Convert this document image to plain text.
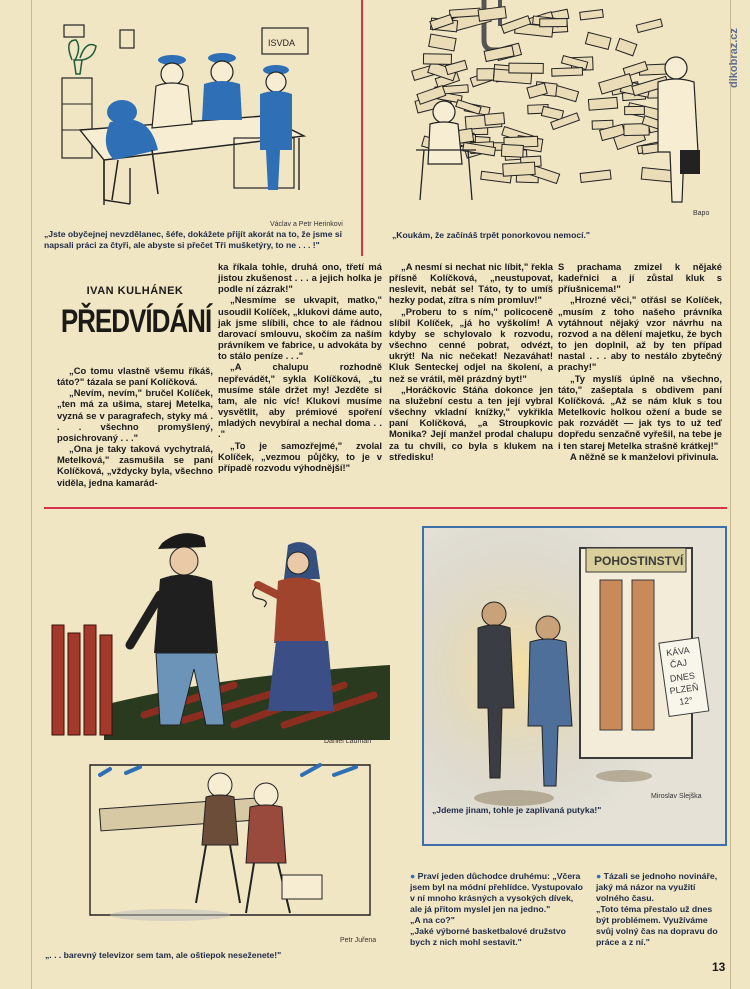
dikobraz.cz
ISVDA
Václav a Petr Herinkovi
„Jste obyčejnej nevzdělanec, šéfe, dokážete přijít akorát na to, že jsme si napsali práci za čtyři, ale abyste si přečet Tři mušketýry, to ne . . . !"
Bapo
„Koukám, že začínáš trpět ponorkovou nemocí."
IVAN KULHÁNEK
PŘEDVÍDÁNÍ

„Co tomu vlastně všemu říkáš, táto?" tázala se paní Kolíčková.

„Nevím, nevím," bručel Kolíček, „ten má za ušima, starej Metelka, vyzná se v paragrafech, styky má . . . všechno promyšlený, posichrovaný . . ."

„Ona je taky taková vychytralá, Metelková," zasmušila se paní Kolíčková, „vždycky byla, všechno viděla, jedna kamarád-

ka říkala tohle, druhá ono, třetí má jistou zkušenost . . . a jejich holka je podle ní zázrak!"

„Nesmíme se ukvapit, matko," usoudil Kolíček, „klukovi dáme auto, jak jsme slíbili, chce to ale řádnou darovací smlouvu, skočím za naším právníkem ve fabrice, u advokáta by to stálo peníze . . ."

„A chalupu rozhodně nepřevádět," sykla Kolíčková, „tu musíme stále držet my! Jezděte si tam, ale nic víc! Klukovi musíme vysvětlit, aby prémiové spoření mladých nevybíral a nechal doma . . ."

„To je samozřejmé," zvolal Kolíček, „vezmou půjčky, to je v případě rozvodu výhodnější!"

„A nesmí si nechat nic líbit," řekla přísně Kolíčková, „neustupovat, neslevit, nebát se! Táto, ty to umíš hezky podat, zítra s ním promluv!"

„Proberu to s ním," policoceně slíbil Kolíček, „já ho vyškolím! A kdyby se schylovalo k rozvodu, všechno cenné pobrat, odvézt, ukrýt! Na nic nečekat! Nezaváhat! Kluk Senteckej odjel na školení, a než se vrátil, měl prázdný byt!"

„Horáčkovic Stáňa dokonce jen na služební cestu a ten její vybral všechny vkladní knížky," vykřikla paní Kolíčková, „a Stroupkovic Monika? Její manžel prodal chalupu za tu chvíli, co byla s klukem na středisku!

S prachama zmizel k nějaké kadeřnici a jí zůstal kluk s příušnicema!"

„Hrozné věci," otřásl se Kolíček, „musím z toho našeho právníka vytáhnout nějaký vzor návrhu na rozvod a na dělení majetku, že bych to jen doplnil, až by ten případ nastal . . . aby to nestálo zbytečný prachy!"

„Ty myslíš úplně na všechno, táto," zašeptala s obdivem paní Kolíčková. „Až se nám kluk s tou Metelkovic holkou ožení a bude se pak rozvádět — jak tys to už teď dopředu senzačně vyřešil, na tebe je i ten starej Metelka strašně krátkej!"

A něžně se k manželovi přivinula.

Daniel Ladman
POHOSTINSTVÍ
KÁVA
ČAJ
DNES
PLZEŇ
12°
Miroslav Slejška
„Jdeme jinam, tohle je zaplivaná putyka!"
Petr Juřena
„. . . barevný televizor sem tam, ale oštiepok neseženete!"

● Praví jeden důchodce druhému: „Včera jsem byl na módní přehlídce. Vystupovalo v ní mnoho krásných a vysokých dívek, ale já přitom myslel jen na jedno."

„A na co?"

„Jaké výborné basketbalové družstvo bych z nich mohl sestavit."

● Tázali se jednoho novináře, jaký má názor na využití volného času.

„Toto téma přestalo už dnes být problémem. Využíváme svůj volný čas na dopravu do práce a z ní."

13
